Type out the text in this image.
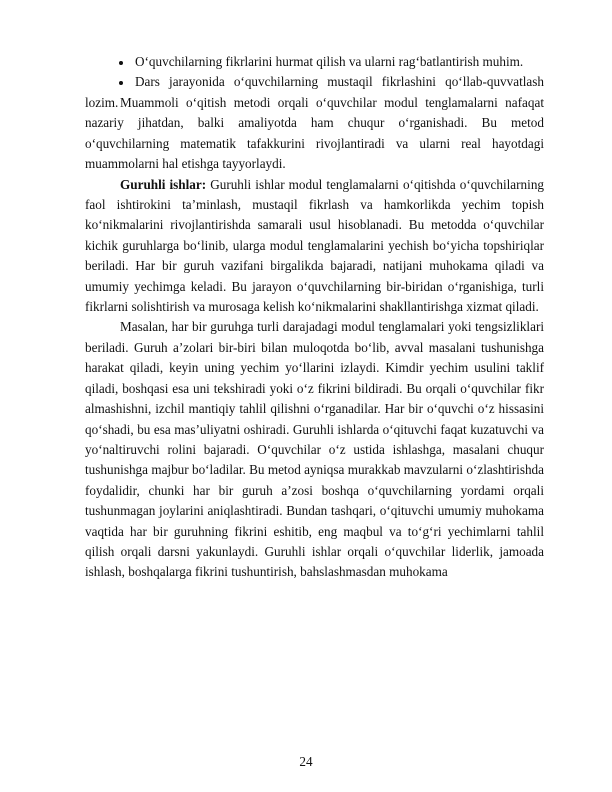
O‘quvchilarning fikrlarini hurmat qilish va ularni rag‘batlantirish muhim.
Dars jarayonida o‘quvchilarning mustaqil fikrlashini qo‘llab-quvvatlash lozim. Muammoli o‘qitish metodi orqali o‘quvchilar modul tenglamalarni nafaqat nazariy jihatdan, balki amaliyotda ham chuqur o‘rganishadi. Bu metod o‘quvchilarning matematik tafakkurini rivojlantiradi va ularni real hayotdagi muammolarni hal etishga tayyorlaydi.

Guruhli ishlar: Guruhli ishlar modul tenglamalarni o‘qitishda o‘quvchilarning faol ishtirokini ta’minlash, mustaqil fikrlash va hamkorlikda yechim topish ko‘nikmalarini rivojlantirishda samarali usul hisoblanadi. Bu metodda o‘quvchilar kichik guruhlarga bo‘linib, ularga modul tenglamalarini yechish bo‘yicha topshiriqlar beriladi. Har bir guruh vazifani birgalikda bajaradi, natijani muhokama qiladi va umumiy yechimga keladi. Bu jarayon o‘quvchilarning bir-biridan o‘rganishiga, turli fikrlarni solishtirish va murosaga kelish ko‘nikmalarini shakllantirishga xizmat qiladi.

Masalan, har bir guruhga turli darajadagi modul tenglamalari yoki tengsizliklari beriladi. Guruh a’zolari bir-biri bilan muloqotda bo‘lib, avval masalani tushunishga harakat qiladi, keyin uning yechim yo‘llarini izlaydi. Kimdir yechim usulini taklif qiladi, boshqasi esa uni tekshiradi yoki o‘z fikrini bildiradi. Bu orqali o‘quvchilar fikr almashishni, izchil mantiqiy tahlil qilishni o‘rganadilar. Har bir o‘quvchi o‘z hissasini qo‘shadi, bu esa mas’uliyatni oshiradi. Guruhli ishlarda o‘qituvchi faqat kuzatuvchi va yo‘naltiruvchi rolini bajaradi. O‘quvchilar o‘z ustida ishlashga, masalani chuqur tushunishga majbur bo‘ladilar. Bu metod ayniqsa murakkab mavzularni o‘zlashtirishda foydalidir, chunki har bir guruh a’zosi boshqa o‘quvchilarning yordami orqali tushunmagan joylarini aniqlashtiradi. Bundan tashqari, o‘qituvchi umumiy muhokama vaqtida har bir guruhning fikrini eshitib, eng maqbul va to‘g‘ri yechimlarni tahlil qilish orqali darsni yakunlaydi. Guruhli ishlar orqali o‘quvchilar liderlik, jamoada ishlash, boshqalarga fikrini tushuntirish, bahslashmasdan muhokama

24
